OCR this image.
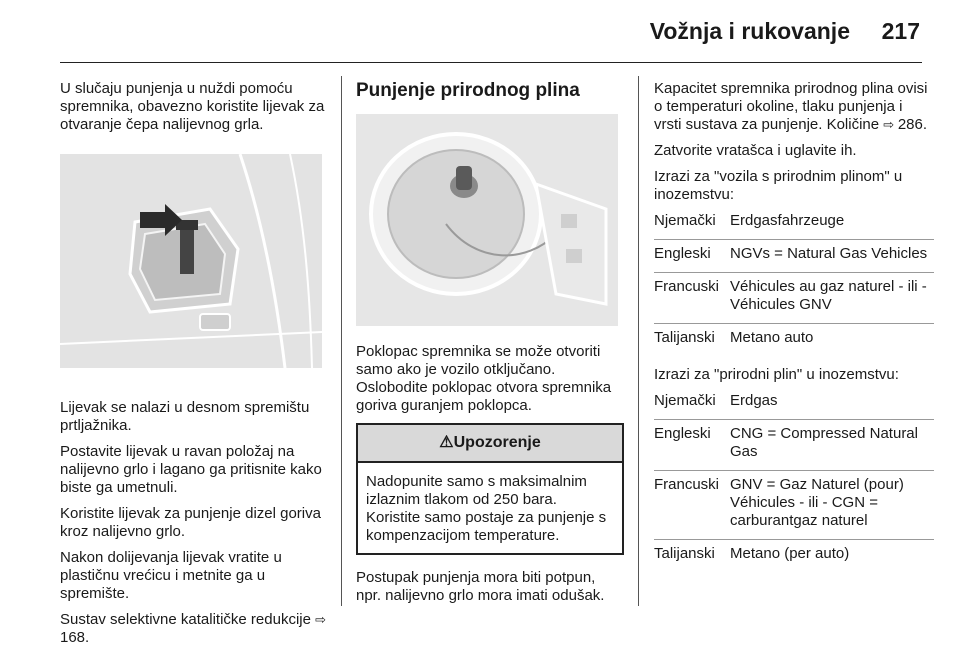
Vožnja i rukovanje 217

U slučaju punjenja u nuždi pomoću spremnika, obavezno koristite lijevak za otvaranje čepa nalijevnog grla.

Lijevak se nalazi u desnom spremištu prtljažnika.

Postavite lijevak u ravan položaj na nalijevno grlo i lagano ga pritisnite kako biste ga umetnuli.

Koristite lijevak za punjenje dizel goriva kroz nalijevno grlo.

Nakon dolijevanja lijevak vratite u plastičnu vrećicu i metnite ga u spremište.

Sustav selektivne katalitičke redukcije ⇨ 168.

Punjenje prirodnog plina

Poklopac spremnika se može otvoriti samo ako je vozilo otključano. Oslobodite poklopac otvora spremnika goriva guranjem poklopca.

⚠Upozorenje
Nadopunite samo s maksimalnim izlaznim tlakom od 250 bara. Koristite samo postaje za punjenje s kompenzacijom temperature.

Postupak punjenja mora biti potpun, npr. nalijevno grlo mora imati odušak.

Kapacitet spremnika prirodnog plina ovisi o temperaturi okoline, tlaku punjenja i vrsti sustava za punjenje. Količine ⇨ 286.

Zatvorite vratašca i uglavite ih.

Izrazi za "vozila s prirodnim plinom" u inozemstvu:

Njemački	Erdgasfahrzeuge
Engleski	NGVs = Natural Gas Vehicles
Francuski	Véhicules au gaz naturel - ili -Véhicules GNV
Talijanski	Metano auto

Izrazi za "prirodni plin" u inozemstvu:

Njemački	Erdgas
Engleski	CNG = Compressed Natural Gas
Francuski	GNV = Gaz Naturel (pour) Véhicules - ili - CGN = carburantgaz naturel
Talijanski	Metano (per auto)
